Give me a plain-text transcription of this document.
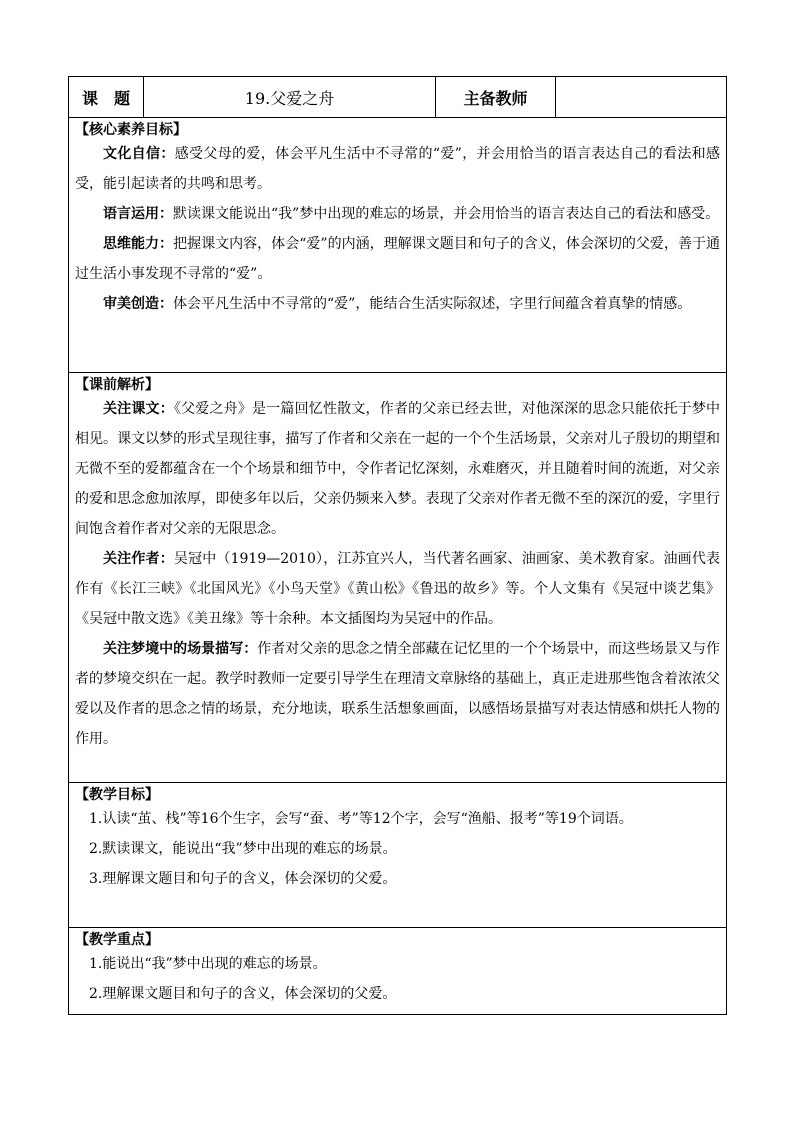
课　题	19.父爱之舟	主备教师	

【核心素养目标】

文化自信：感受父母的爱，体会平凡生活中不寻常的“爱”，并会用恰当的语言表达自己的看法和感受，能引起读者的共鸣和思考。

语言运用：默读课文能说出“我”梦中出现的难忘的场景，并会用恰当的语言表达自己的看法和感受。

思维能力：把握课文内容，体会“爱”的内涵，理解课文题目和句子的含义，体会深切的父爱，善于通过生活小事发现不寻常的“爱”。

审美创造：体会平凡生活中不寻常的“爱”，能结合生活实际叙述，字里行间蕴含着真挚的情感。

【课前解析】

关注课文：《父爱之舟》是一篇回忆性散文，作者的父亲已经去世，对他深深的思念只能依托于梦中相见。课文以梦的形式呈现往事，描写了作者和父亲在一起的一个个生活场景，父亲对儿子殷切的期望和无微不至的爱都蕴含在一个个场景和细节中，令作者记忆深刻，永难磨灭，并且随着时间的流逝，对父亲的爱和思念愈加浓厚，即使多年以后，父亲仍频来入梦。表现了父亲对作者无微不至的深沉的爱，字里行间饱含着作者对父亲的无限思念。

关注作者：吴冠中（1919—2010），江苏宜兴人，当代著名画家、油画家、美术教育家。油画代表作有《长江三峡》《北国风光》《小鸟天堂》《黄山松》《鲁迅的故乡》等。个人文集有《吴冠中谈艺集》《吴冠中散文选》《美丑缘》等十余种。本文插图均为吴冠中的作品。

关注梦境中的场景描写：作者对父亲的思念之情全部藏在记忆里的一个个场景中，而这些场景又与作者的梦境交织在一起。教学时教师一定要引导学生在理清文章脉络的基础上，真正走进那些饱含着浓浓父爱以及作者的思念之情的场景，充分地读，联系生活想象画面，以感悟场景描写对表达情感和烘托人物的作用。

【教学目标】

1.认读“茧、栈”等16个生字，会写“蚕、考”等12个字，会写“渔船、报考”等19个词语。

2.默读课文，能说出“我”梦中出现的难忘的场景。

3.理解课文题目和句子的含义，体会深切的父爱。

【教学重点】

1.能说出“我”梦中出现的难忘的场景。

2.理解课文题目和句子的含义，体会深切的父爱。
